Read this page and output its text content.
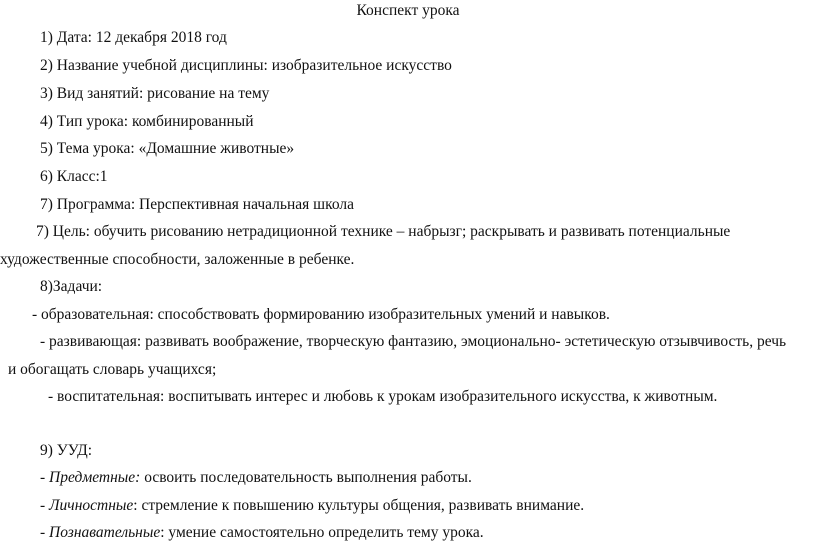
Конспект урока
1) Дата: 12 декабря 2018 год
2) Название учебной дисциплины: изобразительное искусство
3) Вид занятий: рисование на тему
4) Тип урока: комбинированный
5) Тема урока: «Домашние животные»
6) Класс:1
7) Программа: Перспективная начальная школа
7) Цель: обучить рисованию нетрадиционной технике – набрызг; раскрывать и развивать потенциальные
художественные способности, заложенные в ребенке.
8)Задачи:
- образовательная: способствовать формированию изобразительных умений и навыков.
- развивающая: развивать воображение, творческую фантазию, эмоционально- эстетическую отзывчивость, речь
и обогащать словарь учащихся;
- воспитательная: воспитывать интерес и любовь к урокам изобразительного искусства, к животным.
9) УУД:
- Предметные: освоить последовательность выполнения работы.
- Личностные: стремление к повышению культуры общения, развивать внимание.
- Познавательные: умение самостоятельно определить тему урока.
